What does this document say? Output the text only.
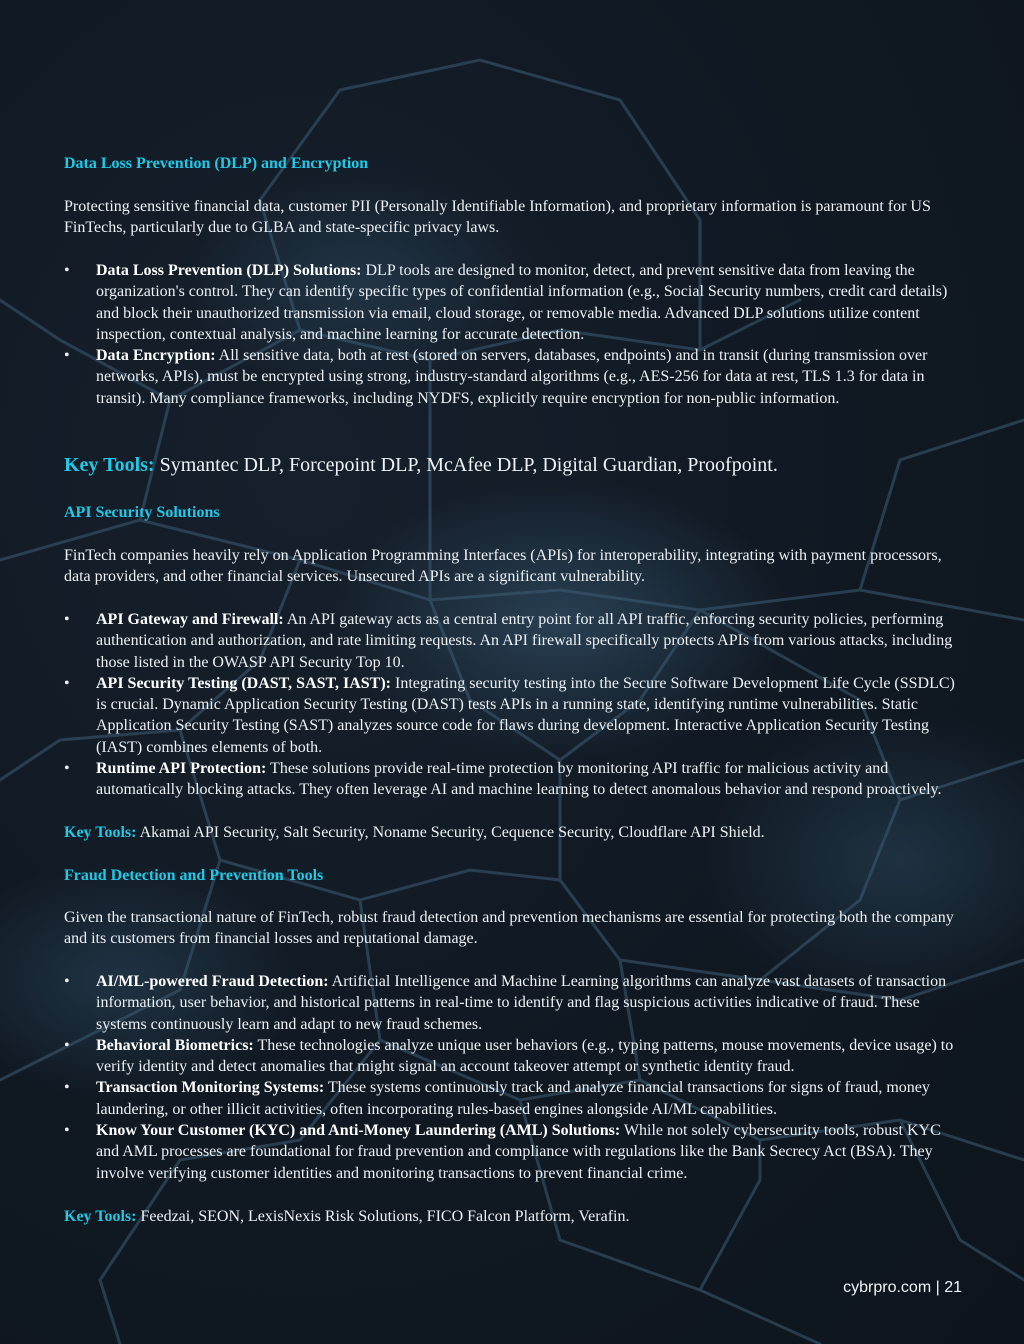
Data Loss Prevention (DLP) and Encryption

Protecting sensitive financial data, customer PII (Personally Identifiable Information), and proprietary information is paramount for US FinTechs, particularly due to GLBA and state-specific privacy laws.

•	Data Loss Prevention (DLP) Solutions: DLP tools are designed to monitor, detect, and prevent sensitive data from leaving the organization's control. They can identify specific types of confidential information (e.g., Social Security numbers, credit card details) and block their unauthorized transmission via email, cloud storage, or removable media. Advanced DLP solutions utilize content inspection, contextual analysis, and machine learning for accurate detection.
•	Data Encryption: All sensitive data, both at rest (stored on servers, databases, endpoints) and in transit (during transmission over networks, APIs), must be encrypted using strong, industry-standard algorithms (e.g., AES-256 for data at rest, TLS 1.3 for data in transit). Many compliance frameworks, including NYDFS, explicitly require encryption for non-public information.

Key Tools: Symantec DLP, Forcepoint DLP, McAfee DLP, Digital Guardian, Proofpoint.

API Security Solutions

FinTech companies heavily rely on Application Programming Interfaces (APIs) for interoperability, integrating with payment processors, data providers, and other financial services. Unsecured APIs are a significant vulnerability.

•	API Gateway and Firewall: An API gateway acts as a central entry point for all API traffic, enforcing security policies, performing authentication and authorization, and rate limiting requests. An API firewall specifically protects APIs from various attacks, including those listed in the OWASP API Security Top 10.
•	API Security Testing (DAST, SAST, IAST): Integrating security testing into the Secure Software Development Life Cycle (SSDLC) is crucial. Dynamic Application Security Testing (DAST) tests APIs in a running state, identifying runtime vulnerabilities. Static Application Security Testing (SAST) analyzes source code for flaws during development. Interactive Application Security Testing (IAST) combines elements of both.
•	Runtime API Protection: These solutions provide real-time protection by monitoring API traffic for malicious activity and automatically blocking attacks. They often leverage AI and machine learning to detect anomalous behavior and respond proactively.

Key Tools: Akamai API Security, Salt Security, Noname Security, Cequence Security, Cloudflare API Shield.

Fraud Detection and Prevention Tools

Given the transactional nature of FinTech, robust fraud detection and prevention mechanisms are essential for protecting both the company and its customers from financial losses and reputational damage.

•	AI/ML-powered Fraud Detection: Artificial Intelligence and Machine Learning algorithms can analyze vast datasets of transaction information, user behavior, and historical patterns in real-time to identify and flag suspicious activities indicative of fraud. These systems continuously learn and adapt to new fraud schemes.
•	Behavioral Biometrics: These technologies analyze unique user behaviors (e.g., typing patterns, mouse movements, device usage) to verify identity and detect anomalies that might signal an account takeover attempt or synthetic identity fraud.
•	Transaction Monitoring Systems: These systems continuously track and analyze financial transactions for signs of fraud, money laundering, or other illicit activities, often incorporating rules-based engines alongside AI/ML capabilities.
•	Know Your Customer (KYC) and Anti-Money Laundering (AML) Solutions: While not solely cybersecurity tools, robust KYC and AML processes are foundational for fraud prevention and compliance with regulations like the Bank Secrecy Act (BSA). They involve verifying customer identities and monitoring transactions to prevent financial crime.

Key Tools: Feedzai, SEON, LexisNexis Risk Solutions, FICO Falcon Platform, Verafin.

cybrpro.com | 21
